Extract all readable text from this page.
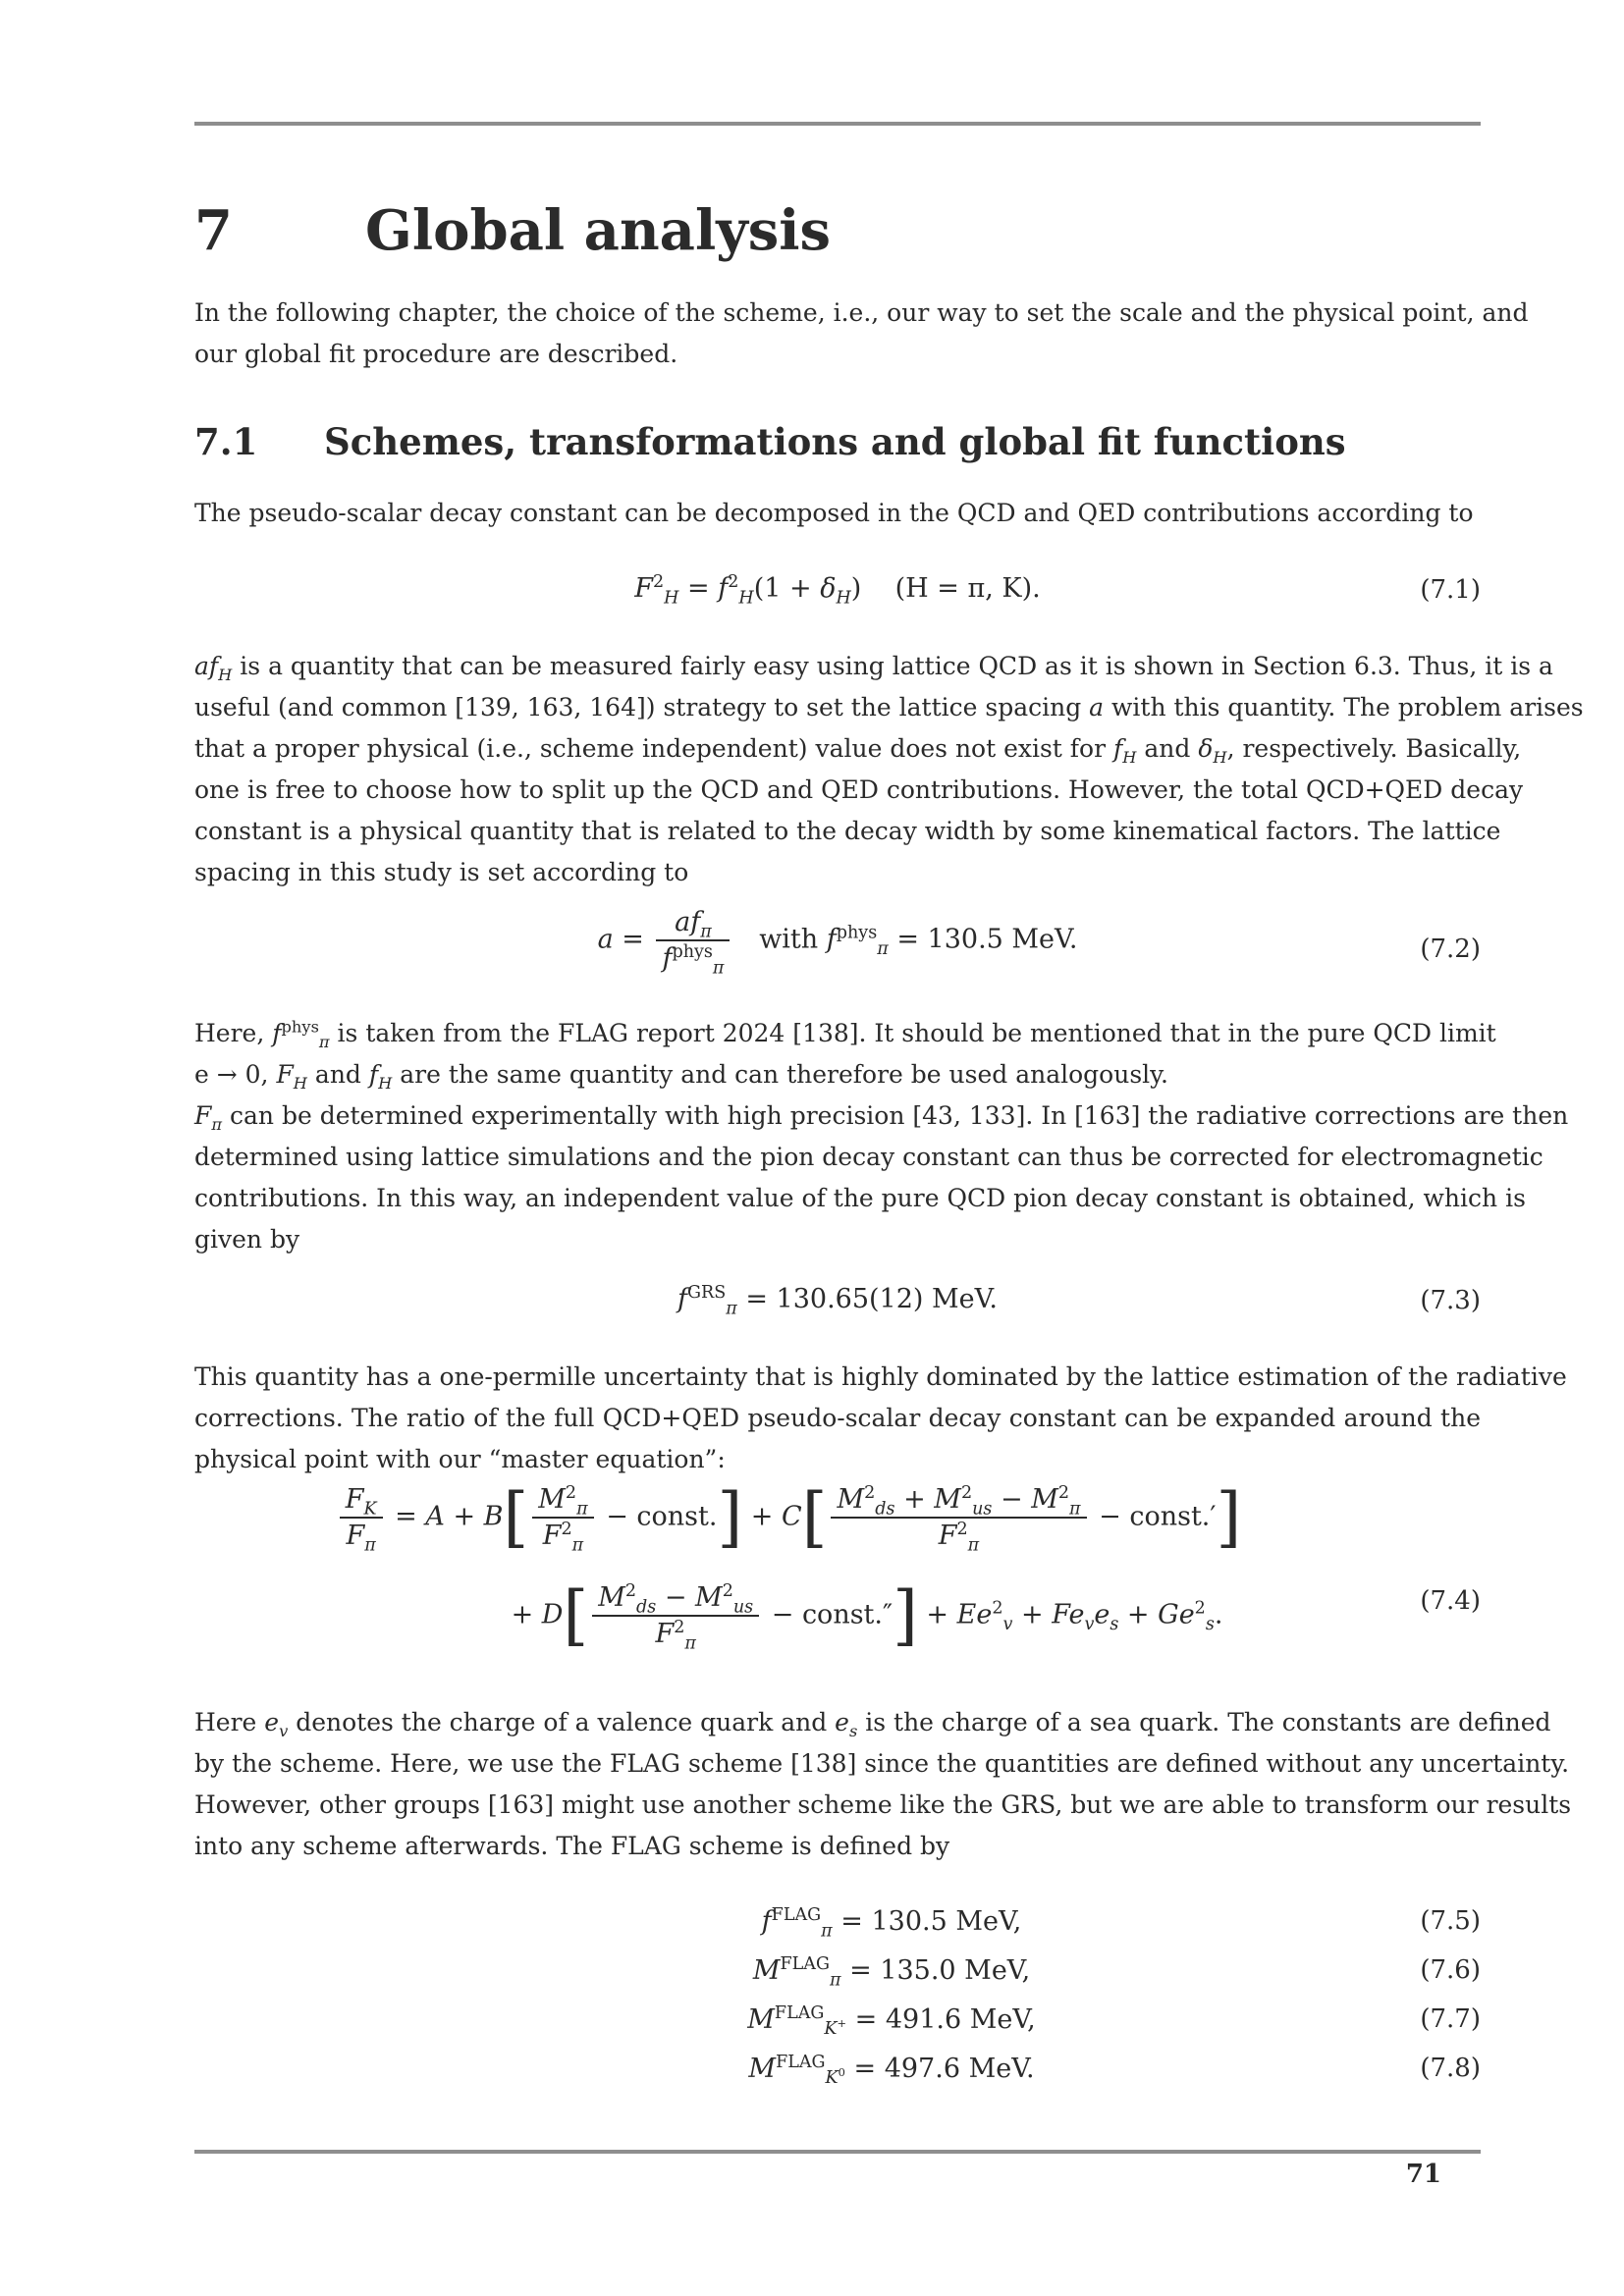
7 Global analysis
In the following chapter, the choice of the scheme, i.e., our way to set the scale and the physical point, and
our global fit procedure are described.
7.1 Schemes, transformations and global fit functions
The pseudo-scalar decay constant can be decomposed in the QCD and QED contributions according to
$F^2_H = f^2_H(1 + \delta_H)$    (H = π, K).	(7.1)
$af_H$ is a quantity that can be measured fairly easy using lattice QCD as it is shown in Section 6.3. Thus, it is a
useful (and common [139, 163, 164]) strategy to set the lattice spacing a with this quantity. The problem arises
that a proper physical (i.e., scheme independent) value does not exist for $f_H$ and $\delta_H$, respectively. Basically,
one is free to choose how to split up the QCD and QED contributions. However, the total QCD+QED decay
constant is a physical quantity that is related to the decay width by some kinematical factors. The lattice
spacing in this study is set according to
$a = \frac{af_\pi}{f^{phys}_\pi}$ with $f^{phys}_\pi = 130.5$ MeV.	(7.2)
Here, $f^{phys}_\pi$ is taken from the FLAG report 2024 [138]. It should be mentioned that in the pure QCD limit
e → 0, $F_H$ and $f_H$ are the same quantity and can therefore be used analogously.
$F_\pi$ can be determined experimentally with high precision [43, 133]. In [163] the radiative corrections are then
determined using lattice simulations and the pion decay constant can thus be corrected for electromagnetic
contributions. In this way, an independent value of the pure QCD pion decay constant is obtained, which is
given by
$f^{GRS}_\pi = 130.65(12)$ MeV.	(7.3)
This quantity has a one-permille uncertainty that is highly dominated by the lattice estimation of the radiative
corrections. The ratio of the full QCD+QED pseudo-scalar decay constant can be expanded around the
physical point with our “master equation”:
$\frac{F_K}{F_\pi} = A + B[ \frac{M^2_\pi}{F^2_\pi}$ − const.] + $C[ \frac{M^2_{ds} + M^2_{us} - M^2_\pi}{F^2_\pi}$ − const.′]
+ $D[ \frac{M^2_{ds} - M^2_{us}}{F^2_\pi}$ − const.″] + $Ee^2_v + Fe_ve_s + Ge^2_s$.	(7.4)
Here $e_v$ denotes the charge of a valence quark and $e_s$ is the charge of a sea quark. The constants are defined
by the scheme. Here, we use the FLAG scheme [138] since the quantities are defined without any uncertainty.
However, other groups [163] might use another scheme like the GRS, but we are able to transform our results
into any scheme afterwards. The FLAG scheme is defined by
$f^{FLAG}_\pi = 130.5$ MeV,	(7.5)
$M^{FLAG}_\pi = 135.0$ MeV,	(7.6)
$M^{FLAG}_{K^+} = 491.6$ MeV,	(7.7)
$M^{FLAG}_{K^0} = 497.6$ MeV.	(7.8)
71
